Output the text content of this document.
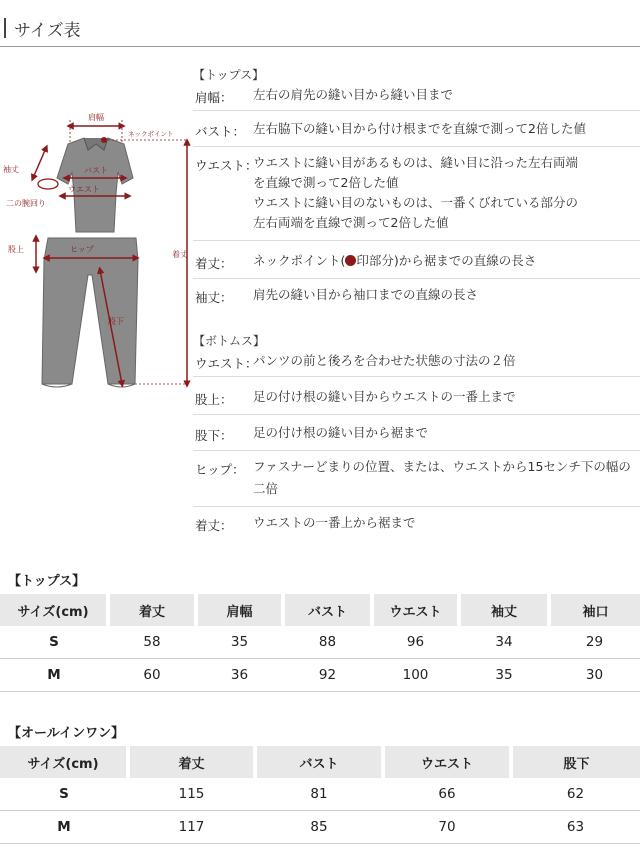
サイズ表
肩幅
ネックポイント
着丈
袖丈
二の腕回り
バスト
ウエスト
股上	ヒップ
股下
【トップス】
肩幅： 左右の肩先の縫い目から縫い目まで
バスト： 左右脇下の縫い目から付け根までを直線で測って2倍した値
ウエスト：
ウエストに縫い目があるものは、縫い目に沿った左右両端
を直線で測って2倍した値
ウエストに縫い目のないものは、一番くびれている部分の
左右両端を直線で測って2倍した値
着丈： ネックポイント( 印部分)から裾までの直線の長さ
袖丈： 肩先の縫い目から袖口までの直線の長さ
【ボトムス】
ウエスト：
パンツの前と後ろを合わせた状態の寸法の２倍
股上： 足の付け根の縫い目からウエストの一番上まで
股下： 足の付け根の縫い目から裾まで
ヒップ： ファスナーどまりの位置、または、ウエストから15センチ下の幅の
二倍
着丈： ウエストの一番上から裾まで
【トップス】
サイズ(cm)	着丈	肩幅	バスト	ウエスト	袖丈	袖口
S	58	35	88	96	34	29
M	60	36	92	100	35	30
【オールインワン】
サイズ(cm)	着丈	バスト	ウエスト	股下
S	115	81	66	62
M	117	85	70	63
